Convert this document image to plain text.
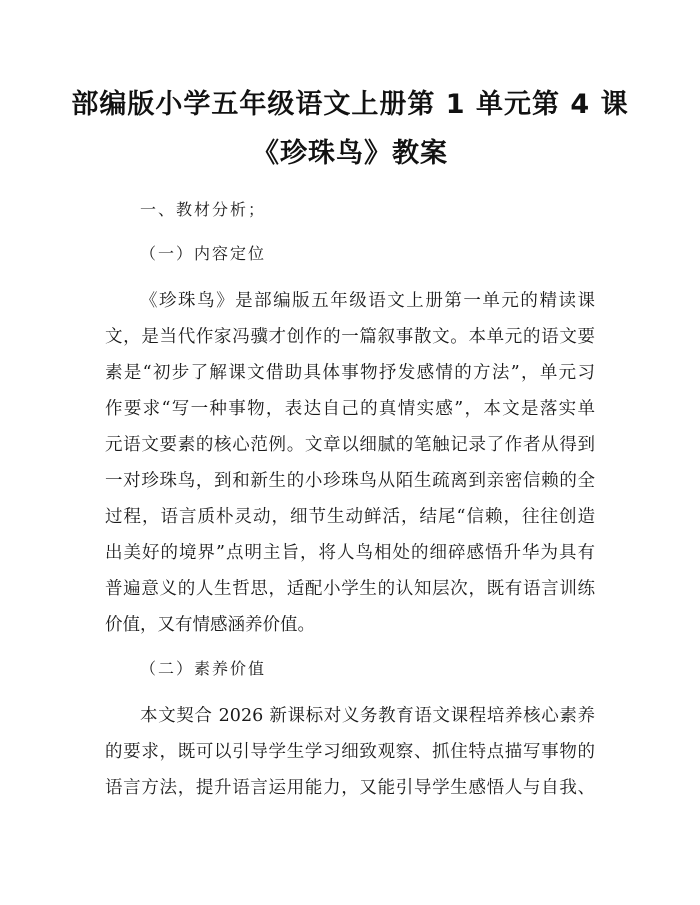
部编版小学五年级语文上册第 1 单元第 4 课
《珍珠鸟》教案
一、教材分析；
（一）内容定位
《珍珠鸟》是部编版五年级语文上册第一单元的精读课
文，是当代作家冯骥才创作的一篇叙事散文。本单元的语文要
素是“初步了解课文借助具体事物抒发感情的方法”，单元习
作要求“写一种事物，表达自己的真情实感”，本文是落实单
元语文要素的核心范例。文章以细腻的笔触记录了作者从得到
一对珍珠鸟，到和新生的小珍珠鸟从陌生疏离到亲密信赖的全
过程，语言质朴灵动，细节生动鲜活，结尾“信赖，往往创造
出美好的境界”点明主旨，将人鸟相处的细碎感悟升华为具有
普遍意义的人生哲思，适配小学生的认知层次，既有语言训练
价值，又有情感涵养价值。
（二）素养价值
本文契合 2026 新课标对义务教育语文课程培养核心素养
的要求，既可以引导学生学习细致观察、抓住特点描写事物的
语言方法，提升语言运用能力，又能引导学生感悟人与自我、
